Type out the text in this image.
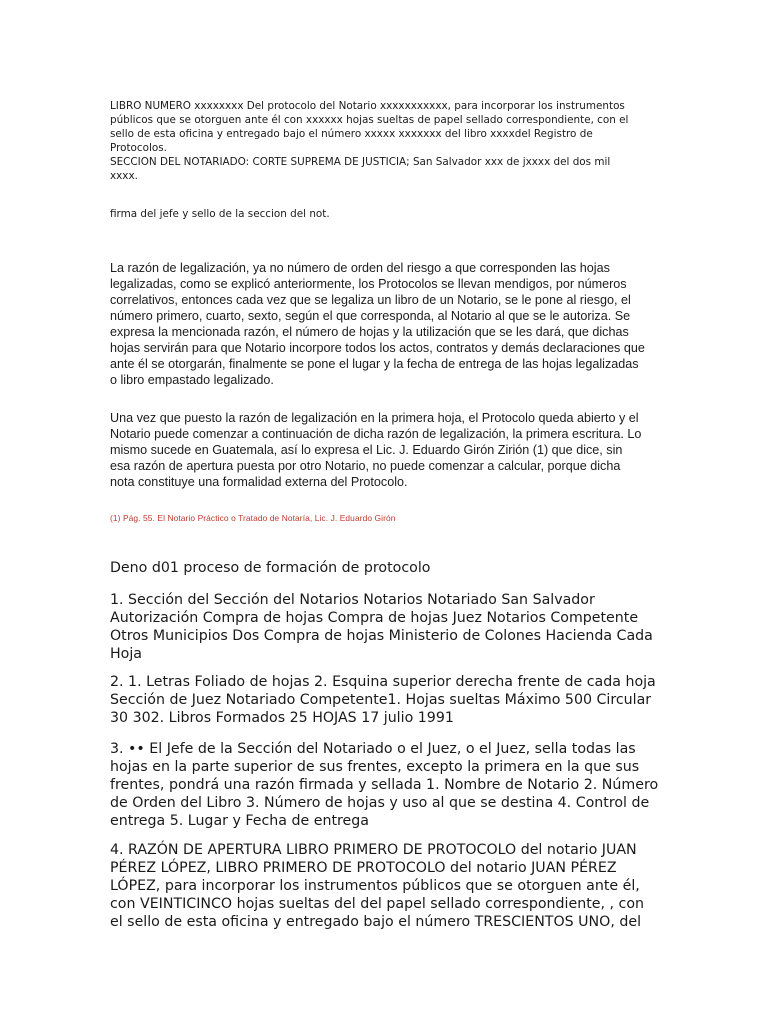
LIBRO NUMERO xxxxxxxx Del protocolo del Notario xxxxxxxxxxx, para incorporar los instrumentos
públicos que se otorguen ante él con xxxxxx hojas sueltas de papel sellado correspondiente, con el
sello de esta oficina y entregado bajo el número xxxxx xxxxxxx del libro xxxxdel Registro de
Protocolos.
SECCION DEL NOTARIADO: CORTE SUPREMA DE JUSTICIA; San Salvador xxx de jxxxx del dos mil
xxxx.

firma del jefe y sello de la seccion del not.

La razón de legalización, ya no número de orden del riesgo a que corresponden las hojas
legalizadas, como se explicó anteriormente, los Protocolos se llevan mendigos, por números
correlativos, entonces cada vez que se legaliza un libro de un Notario, se le pone al riesgo, el
número primero, cuarto, sexto, según el que corresponda, al Notario al que se le autoriza. Se
expresa la mencionada razón, el número de hojas y la utilización que se les dará, que dichas
hojas servirán para que Notario incorpore todos los actos, contratos y demás declaraciones que
ante él se otorgarán, finalmente se pone el lugar y la fecha de entrega de las hojas legalizadas
o libro empastado legalizado.

Una vez que puesto la razón de legalización en la primera hoja, el Protocolo queda abierto y el
Notario puede comenzar a continuación de dicha razón de legalización, la primera escritura. Lo
mismo sucede en Guatemala, así lo expresa el Lic. J. Eduardo Girón Zirión (1) que dice, sin
esa razón de apertura puesta por otro Notario, no puede comenzar a calcular, porque dicha
nota constituye una formalidad externa del Protocolo.

(1) Pág. 55. El Notario Práctico o Tratado de Notaría, Lic. J. Eduardo Girón

Deno d01 proceso de formación de protocolo

1. Sección del Sección del Notarios Notarios Notariado San Salvador
Autorización Compra de hojas Compra de hojas Juez Notarios Competente
Otros Municipios Dos Compra de hojas Ministerio de Colones Hacienda Cada
Hoja

2. 1. Letras Foliado de hojas 2. Esquina superior derecha frente de cada hoja
Sección de Juez Notariado Competente1. Hojas sueltas Máximo 500 Circular
30 302. Libros Formados 25 HOJAS 17 julio 1991

3. •• El Jefe de la Sección del Notariado o el Juez, o el Juez, sella todas las
hojas en la parte superior de sus frentes, excepto la primera en la que sus
frentes, pondrá una razón firmada y sellada 1. Nombre de Notario 2. Número
de Orden del Libro 3. Número de hojas y uso al que se destina 4. Control de
entrega 5. Lugar y Fecha de entrega

4. RAZÓN DE APERTURA LIBRO PRIMERO DE PROTOCOLO del notario JUAN
PÉREZ LÓPEZ, LIBRO PRIMERO DE PROTOCOLO del notario JUAN PÉREZ
LÓPEZ, para incorporar los instrumentos públicos que se otorguen ante él,
con VEINTICINCO hojas sueltas del del papel sellado correspondiente, , con
el sello de esta oficina y entregado bajo el número TRESCIENTOS UNO, del
